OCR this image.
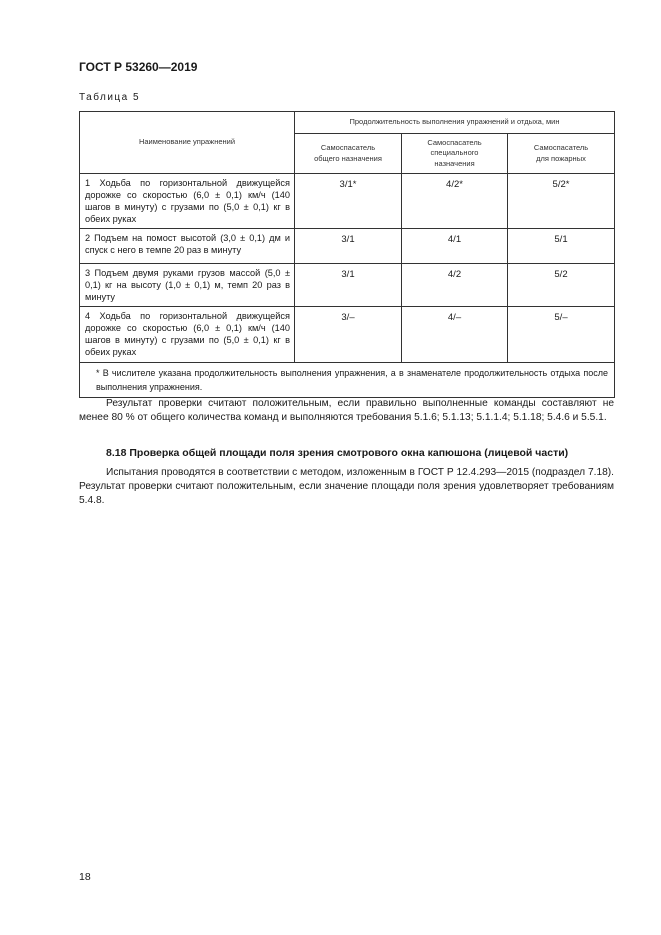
ГОСТ Р 53260—2019
Таблица 5
Наименование упражнений	Продолжительность выполнения упражнений и отдыха, мин		
	Самоспасатель общего назначения	Самоспасатель специального назначения	Самоспасатель для пожарных
1 Ходьба по горизонтальной движущейся дорожке со скоростью (6,0 ± 0,1) км/ч (140 шагов в минуту) с грузами по (5,0 ± 0,1) кг в обеих руках	3/1*	4/2*	5/2*
2 Подъем на помост высотой (3,0 ± 0,1) дм и спуск с него в темпе 20 раз в минуту	3/1	4/1	5/1
3 Подъем двумя руками грузов массой (5,0 ± 0,1) кг на высоту (1,0 ± 0,1) м, темп 20 раз в минуту	3/1	4/2	5/2
4 Ходьба по горизонтальной движущейся дорожке со скоростью (6,0 ± 0,1) км/ч (140 шагов в минуту) с грузами по (5,0 ± 0,1) кг в обеих руках	3/–	4/–	5/–
* В числителе указана продолжительность выполнения упражнения, а в знаменателе продолжительность отдыха после выполнения упражнения.			
Результат проверки считают положительным, если правильно выполненные команды составляют не менее 80 % от общего количества команд и выполняются требования 5.1.6; 5.1.13; 5.1.1.4; 5.1.18; 5.4.6 и 5.5.1.
8.18 Проверка общей площади поля зрения смотрового окна капюшона (лицевой части)
Испытания проводятся в соответствии с методом, изложенным в ГОСТ Р 12.4.293—2015 (подраздел 7.18). Результат проверки считают положительным, если значение площади поля зрения удовлетворяет требованиям 5.4.8.
18
